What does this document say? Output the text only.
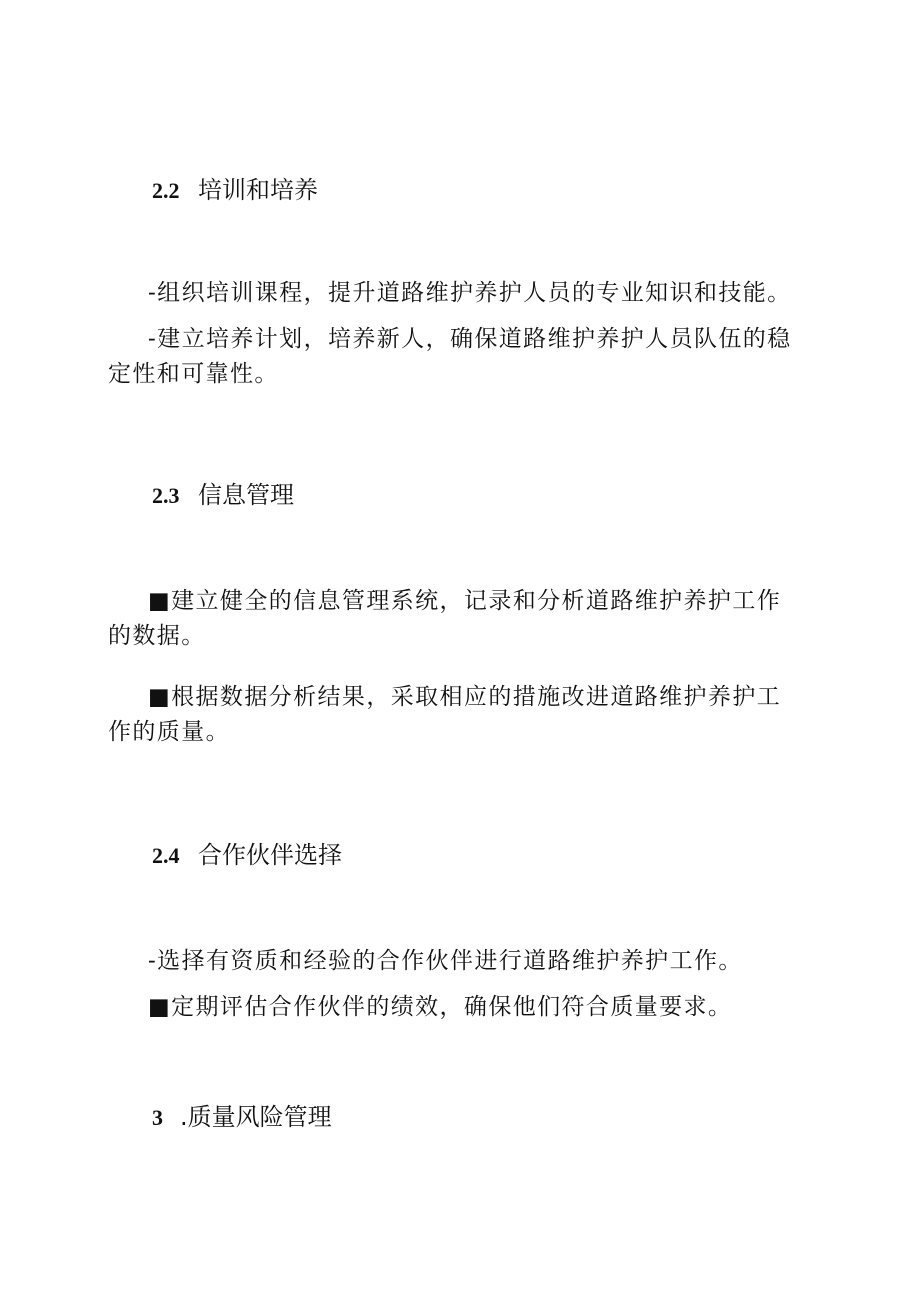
2.2 培训和培养

-组织培训课程，提升道路维护养护人员的专业知识和技能。

-建立培养计划，培养新人，确保道路维护养护人员队伍的稳定性和可靠性。

2.3 信息管理

■建立健全的信息管理系统，记录和分析道路维护养护工作的数据。

■根据数据分析结果，采取相应的措施改进道路维护养护工作的质量。

2.4 合作伙伴选择

-选择有资质和经验的合作伙伴进行道路维护养护工作。

■定期评估合作伙伴的绩效，确保他们符合质量要求。

3 .质量风险管理
